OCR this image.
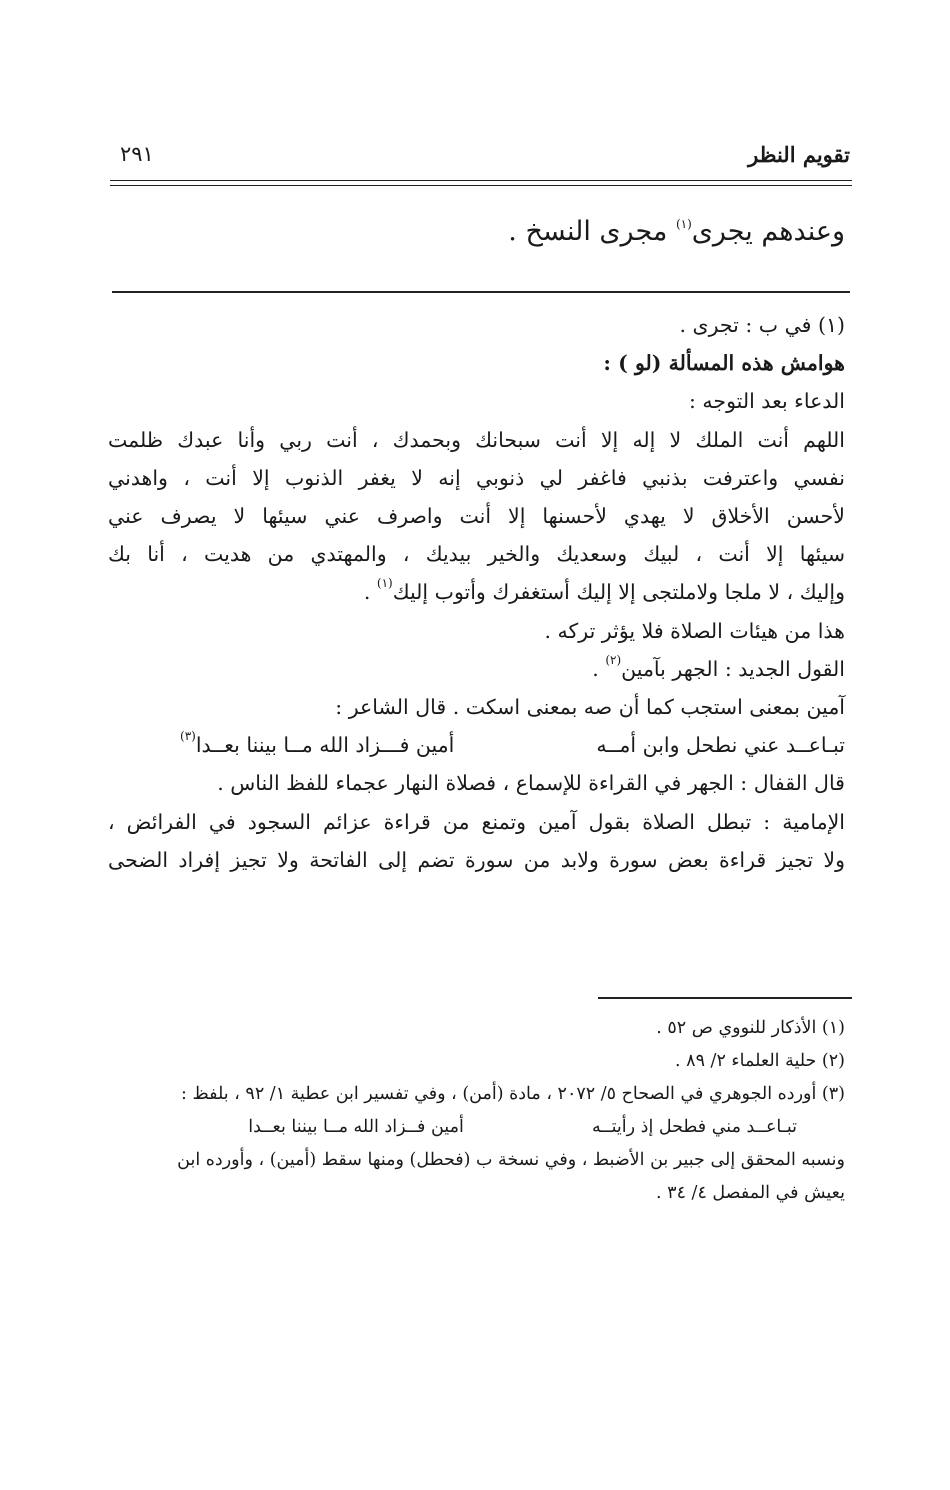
تقويم النظر
٢٩١

وعندهم يجرى$^{(١)}$ مجرى النسخ .

(١) في ب : تجرى .
هوامش هذه المسألة (لو ) :
الدعاء بعد التوجه :
اللهم أنت الملك لا إله إلا أنت سبحانك وبحمدك ، أنت ربي وأنا عبدك ظلمت
نفسي واعترفت بذنبي فاغفر لي ذنوبي إنه لا يغفر الذنوب إلا أنت ، واهدني
لأحسن الأخلاق لا يهدي لأحسنها إلا أنت واصرف عني سيئها لا يصرف عني
سيئها إلا أنت ، لبيك وسعديك والخير بيديك ، والمهتدي من هديت ، أنا بك
وإليك ، لا ملجا ولاملتجى إلا إليك أستغفرك وأتوب إليك$^{(١)}$ .
هذا من هيئات الصلاة فلا يؤثر تركه .
القول الجديد : الجهر بآمين$^{(٢)}$ .
آمين بمعنى استجب كما أن صه بمعنى اسكت . قال الشاعر :
تبـاعــد عني نطحل وابن أمــه
أمين فـــزاد الله مــا بيننا بعــدا$^{(٣)}$
قال القفال : الجهر في القراءة للإسماع ، فصلاة النهار عجماء للفظ الناس .
الإمامية : تبطل الصلاة بقول آمين وتمنع من قراءة عزائم السجود في الفرائض ،
ولا تجيز قراءة بعض سورة ولابد من سورة تضم إلى الفاتحة ولا تجيز إفراد الضحى
(١) الأذكار للنووي ص ٥٢ .
(٢) حلية العلماء ٢/ ٨٩ .
(٣) أورده الجوهري في الصحاح ٥/ ٢٠٧٢ ، مادة (أمن) ، وفي تفسير ابن عطية ١/ ٩٢ ، بلفظ :
تبـاعــد مني فطحل إذ رأيتــه
أمين فــزاد الله مــا بيننا بعــدا
ونسبه المحقق إلى جبير بن الأضبط ، وفي نسخة ب (فحطل) ومنها سقط (أمين) ، وأورده ابن
يعيش في المفصل ٤/ ٣٤ .
